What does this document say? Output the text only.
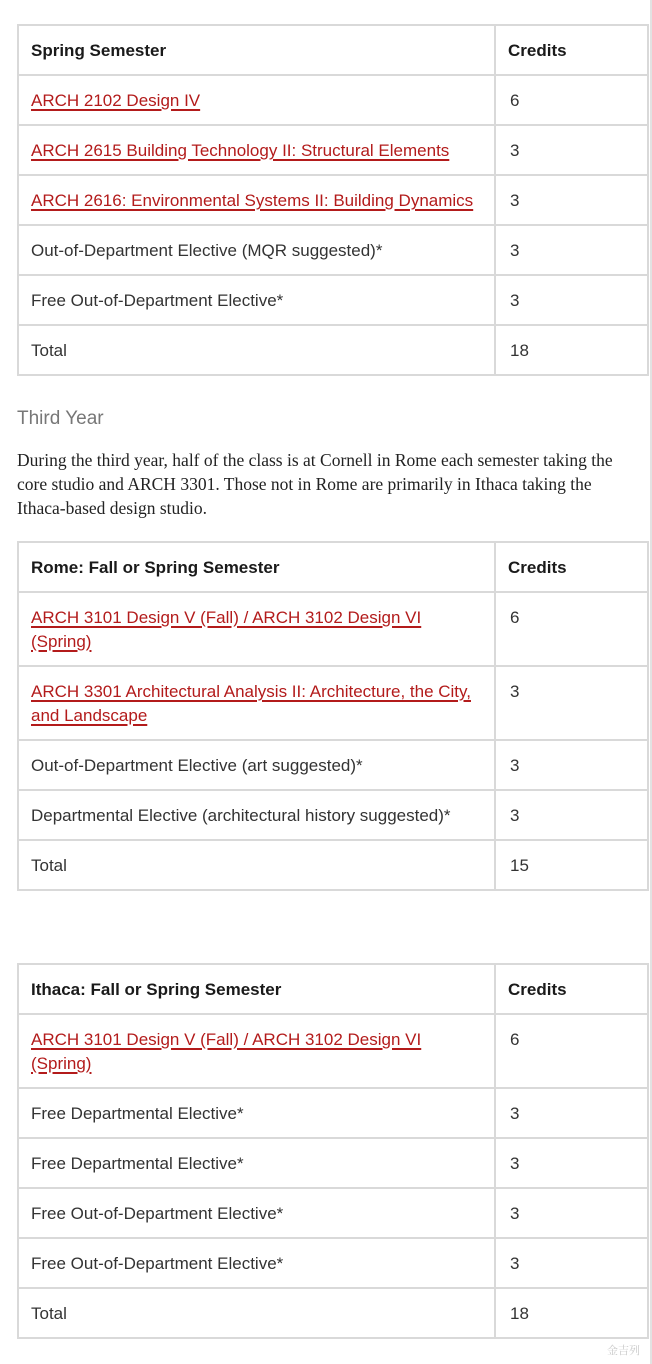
Spring Semester	Credits
ARCH 2102 Design IV	6
ARCH 2615 Building Technology II: Structural Elements	3
ARCH 2616: Environmental Systems II: Building Dynamics	3
Out-of-Department Elective (MQR suggested)*	3
Free Out-of-Department Elective*	3
Total	18
Third Year

During the third year, half of the class is at Cornell in Rome each semester taking the core studio and ARCH 3301. Those not in Rome are primarily in Ithaca taking the Ithaca-based design studio.

Rome: Fall or Spring Semester	Credits
ARCH 3101 Design V (Fall) / ARCH 3102 Design VI (Spring)	6
ARCH 3301 Architectural Analysis II: Architecture, the City, and Landscape	3
Out-of-Department Elective (art suggested)*	3
Departmental Elective (architectural history suggested)*	3
Total	15
Ithaca: Fall or Spring Semester	Credits
ARCH 3101 Design V (Fall) / ARCH 3102 Design VI (Spring)	6
Free Departmental Elective*	3
Free Departmental Elective*	3
Free Out-of-Department Elective*	3
Free Out-of-Department Elective*	3
Total	18
金吉列
